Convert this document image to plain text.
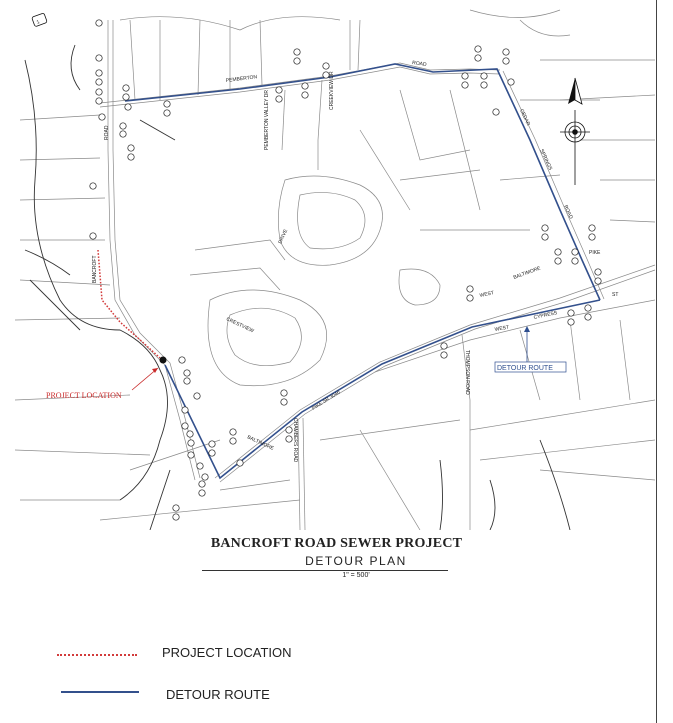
PEMBERTON
ROAD
PEMBERTON VALLEY DR	CREEKVIEW DR
CEDAR
SPRINGS
ROAD
BANCROFT
ROAD
DRIVE
CRESTVIEW
BALTIMORE
PIKE
WEST	ST
WEST
CYPRESS
THOMPSON ROAD
PIKE SR 3046
BALTIMORE	CHAMBERS ROAD
PROJECT LOCATION
DETOUR ROUTE
1
BANCROFT ROAD SEWER PROJECT
DETOUR PLAN
1" = 500'
PROJECT LOCATION
DETOUR ROUTE
